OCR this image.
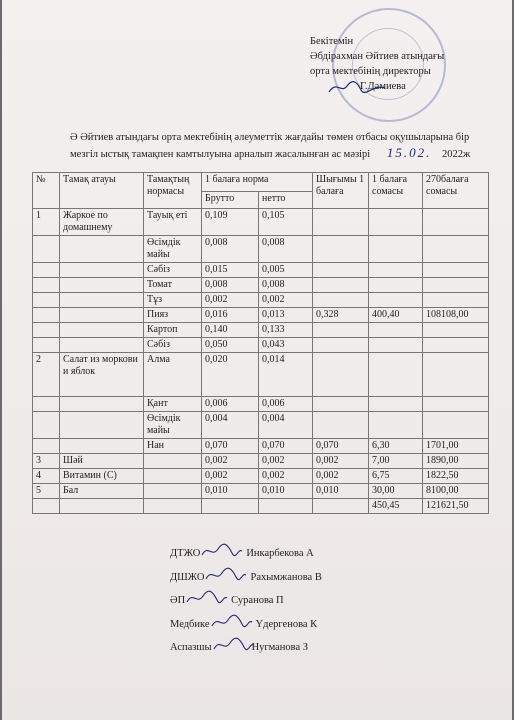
Бекітемін
Әбдірахман Әйтиев атындағы
орта мектебінің директоры
Г.Дамиева
Ә Әйтиев атындағы орта мектебінің әлеуметтік жағдайы төмен отбасы оқушыларына бір мезгіл ыстық тамақпен камтылуына арналып жасалынған ас мәзірі 15.02. 2022ж
№	Тамақ атауы	Тамақтың нормасы	1 балаға норма		Шығымы 1 балаға	1 балаға сомасы	270балаға сомасы
			Брутто	нетто			
1	Жаркое по домашнему	Тауық еті	0,109	0,105			
		Өсімдік майы	0,008	0,008			
		Сәбіз	0,015	0,005			
		Томат	0,008	0,008			
		Тұз	0,002	0,002			
		Пияз	0,016	0,013	0,328	400,40	108108,00
		Картоп	0,140	0,133			
		Сәбіз	0,050	0,043			
2	Салат из моркови и яблок	Алма	0,020	0,014			
		Қант	0,006	0,006			
		Өсімдік майы	0,004	0,004			
		Нан	0,070	0,070	0,070	6,30	1701,00
3	Шәй		0,002	0,002	0,002	7,00	1890,00
4	Витамин (С)		0,002	0,002	0,002	6,75	1822,50
5	Бал		0,010	0,010	0,010	30,00	8100,00
						450,45	121621,50
ДТЖО	Инкарбекова А
ДШЖО	Рахымжанова В
ӘП	Суранова П
Медбике	Үдергенова К
Аспазшы	Нугманова З
